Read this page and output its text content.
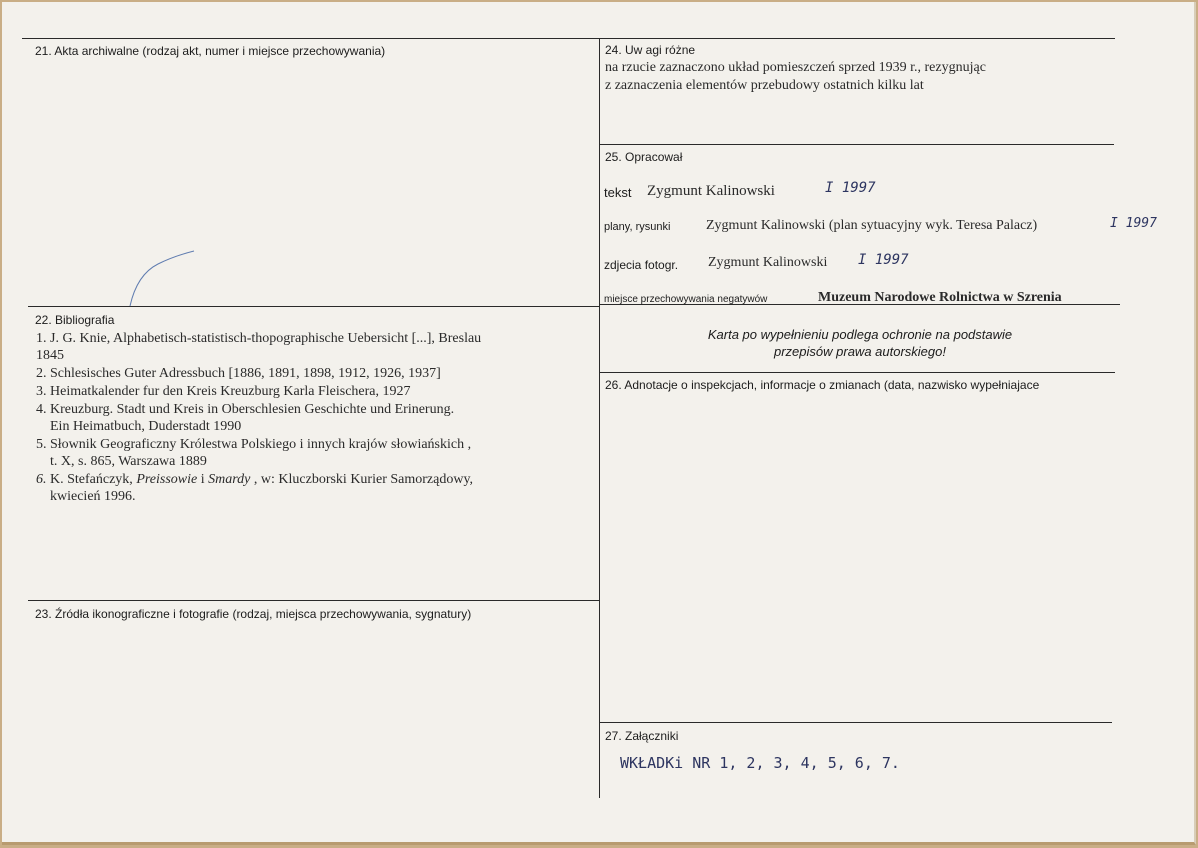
21. Akta archiwalne (rodzaj akt, numer i miejsce przechowywania)
22. Bibliografia
1. J. G. Knie, Alphabetisch-statistisch-thopographische Uebersicht [...], Breslau
1845
2. Schlesisches Guter Adressbuch [1886, 1891, 1898, 1912, 1926, 1937]
3. Heimatkalender fur den Kreis Kreuzburg Karla Fleischera, 1927
4. Kreuzburg. Stadt und Kreis in Oberschlesien Geschichte und Erinerung.
Ein Heimatbuch, Duderstadt 1990
5. Słownik Geograficzny Królestwa Polskiego i innych krajów słowiańskich ,
t. X, s. 865, Warszawa 1889
6. K. Stefańczyk, Preissowie i Smardy , w: Kluczborski Kurier Samorządowy,
kwiecień 1996.
23. Źródła ikonograficzne i fotografie (rodzaj, miejsca przechowywania, sygnatury)
24. Uw agi różne
na rzucie zaznaczono układ pomieszczeń sprzed 1939 r., rezygnując
z zaznaczenia elementów przebudowy ostatnich kilku lat
25. Opracował
tekst Zygmunt Kalinowski	I 1997
plany, rysunki	Zygmunt Kalinowski (plan sytuacyjny wyk. Teresa Palacz)	I 1997
zdjecia fotogr. Zygmunt Kalinowski I 1997
miejsce przechowywania negatywów	Muzeum Narodowe Rolnictwa w Szrenia
Karta po wypełnieniu podlega ochronie na podstawie
przepisów prawa autorskiego!
26. Adnotacje o inspekcjach, informacje o zmianach (data, nazwisko wypełniajace
27. Załączniki
WKŁADKi NR 1, 2, 3, 4, 5, 6, 7.
